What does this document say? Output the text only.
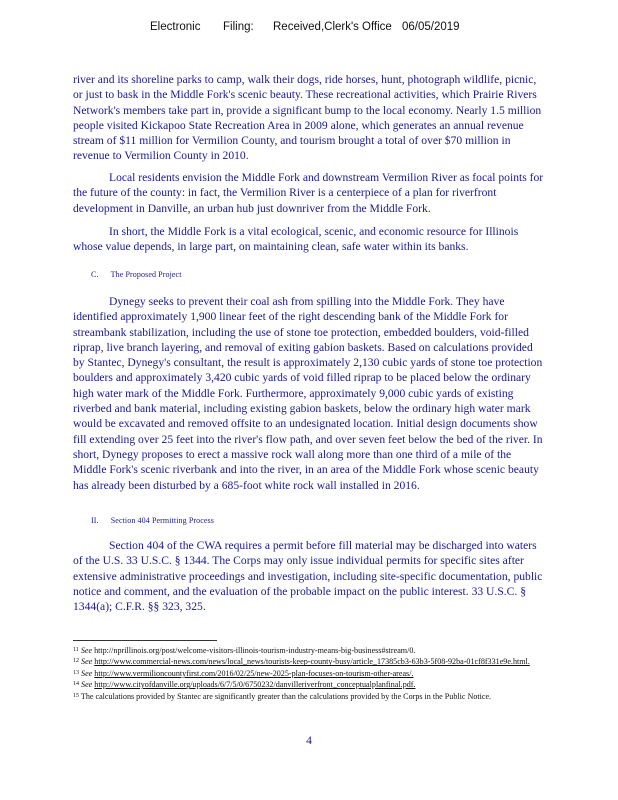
Electronic Filing: Received,Clerk's Office 06/05/2019

river and its shoreline parks to camp, walk their dogs, ride horses, hunt, photograph wildlife, picnic, or just to bask in the Middle Fork's scenic beauty. These recreational activities, which Prairie Rivers Network's members take part in, provide a significant bump to the local economy. Nearly 1.5 million people visited Kickapoo State Recreation Area in 2009 alone, which generates an annual revenue stream of $11 million for Vermilion County, and tourism brought a total of over $70 million in revenue to Vermilion County in 2010.

Local residents envision the Middle Fork and downstream Vermilion River as focal points for the future of the county: in fact, the Vermilion River is a centerpiece of a plan for riverfront development in Danville, an urban hub just downriver from the Middle Fork.

In short, the Middle Fork is a vital ecological, scenic, and economic resource for Illinois whose value depends, in large part, on maintaining clean, safe water within its banks.

C. The Proposed Project

Dynegy seeks to prevent their coal ash from spilling into the Middle Fork. They have identified approximately 1,900 linear feet of the right descending bank of the Middle Fork for streambank stabilization, including the use of stone toe protection, embedded boulders, void-filled riprap, live branch layering, and removal of exiting gabion baskets. Based on calculations provided by Stantec, Dynegy's consultant, the result is approximately 2,130 cubic yards of stone toe protection boulders and approximately 3,420 cubic yards of void filled riprap to be placed below the ordinary high water mark of the Middle Fork. Furthermore, approximately 9,000 cubic yards of existing riverbed and bank material, including existing gabion baskets, below the ordinary high water mark would be excavated and removed offsite to an undesignated location. Initial design documents show fill extending over 25 feet into the river's flow path, and over seven feet below the bed of the river. In short, Dynegy proposes to erect a massive rock wall along more than one third of a mile of the Middle Fork's scenic riverbank and into the river, in an area of the Middle Fork whose scenic beauty has already been disturbed by a 685-foot white rock wall installed in 2016.

II. Section 404 Permitting Process

Section 404 of the CWA requires a permit before fill material may be discharged into waters of the U.S. 33 U.S.C. § 1344. The Corps may only issue individual permits for specific sites after extensive administrative proceedings and investigation, including site-specific documentation, public notice and comment, and the evaluation of the probable impact on the public interest. 33 U.S.C. § 1344(a); C.F.R. §§ 323, 325.

$^{11}$ See http://nprillinois.org/post/welcome-visitors-illinois-tourism-industry-means-big-business#stream/0.
$^{12}$ See http://www.commercial-news.com/news/local_news/tourists-keep-county-busy/article_17385cb3-63b3-5f08-92ba-01cf8f331e9e.html.
$^{13}$ See http://www.vermilioncountyfirst.com/2016/02/25/new-2025-plan-focuses-on-tourism-other-areas/.
$^{14}$ See http://www.cityofdanville.org/uploads/6/7/5/0/6750232/danvilleriverfront_conceptualplanfinal.pdf.
$^{15}$ The calculations provided by Stantec are significantly greater than the calculations provided by the Corps in the Public Notice.
4
